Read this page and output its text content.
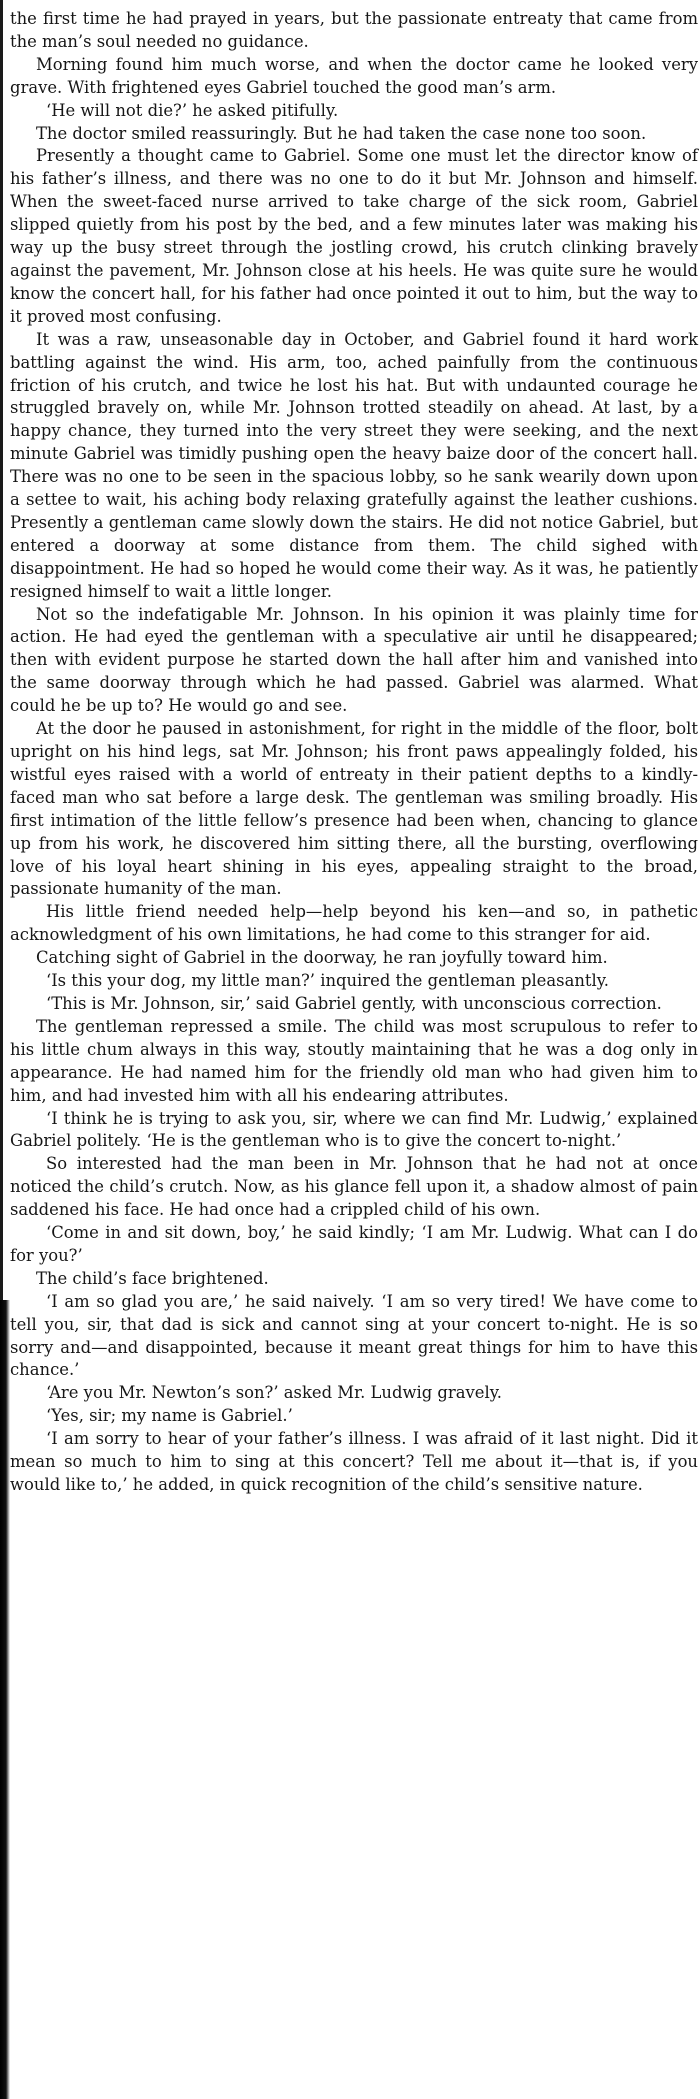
the first time he had prayed in years, but the passionate entreaty that came from the man’s soul needed no guidance.

Morning found him much worse, and when the doctor came he looked very grave. With frightened eyes Gabriel touched the good man’s arm.

‘He will not die?’ he asked pitifully.

The doctor smiled reassuringly. But he had taken the case none too soon.

Presently a thought came to Gabriel. Some one must let the director know of his father’s illness, and there was no one to do it but Mr. Johnson and himself. When the sweet-faced nurse arrived to take charge of the sick room, Gabriel slipped quietly from his post by the bed, and a few minutes later was making his way up the busy street through the jostling crowd, his crutch clinking bravely against the pavement, Mr. Johnson close at his heels. He was quite sure he would know the concert hall, for his father had once pointed it out to him, but the way to it proved most confusing.

It was a raw, unseasonable day in October, and Gabriel found it hard work battling against the wind. His arm, too, ached painfully from the continuous friction of his crutch, and twice he lost his hat. But with undaunted courage he struggled bravely on, while Mr. Johnson trotted steadily on ahead. At last, by a happy chance, they turned into the very street they were seeking, and the next minute Gabriel was timidly pushing open the heavy baize door of the concert hall. There was no one to be seen in the spacious lobby, so he sank wearily down upon a settee to wait, his aching body relaxing gratefully against the leather cushions. Presently a gentleman came slowly down the stairs. He did not notice Gabriel, but entered a doorway at some distance from them. The child sighed with disappointment. He had so hoped he would come their way. As it was, he patiently resigned himself to wait a little longer.

Not so the indefatigable Mr. Johnson. In his opinion it was plainly time for action. He had eyed the gentleman with a speculative air until he disappeared; then with evident purpose he started down the hall after him and vanished into the same doorway through which he had passed. Gabriel was alarmed. What could he be up to? He would go and see.

At the door he paused in astonishment, for right in the middle of the floor, bolt upright on his hind legs, sat Mr. Johnson; his front paws appealingly folded, his wistful eyes raised with a world of entreaty in their patient depths to a kindly-faced man who sat before a large desk. The gentleman was smiling broadly. His first intimation of the little fellow’s presence had been when, chancing to glance up from his work, he discovered him sitting there, all the bursting, overflowing love of his loyal heart shining in his eyes, appealing straight to the broad, passionate humanity of the man.

His little friend needed help—help beyond his ken—and so, in pathetic acknowledgment of his own limitations, he had come to this stranger for aid.

Catching sight of Gabriel in the doorway, he ran joyfully toward him.

‘Is this your dog, my little man?’ inquired the gentleman pleasantly.

‘This is Mr. Johnson, sir,’ said Gabriel gently, with unconscious correction.

The gentleman repressed a smile. The child was most scrupulous to refer to his little chum always in this way, stoutly maintaining that he was a dog only in appearance. He had named him for the friendly old man who had given him to him, and had invested him with all his endearing attributes.

‘I think he is trying to ask you, sir, where we can find Mr. Ludwig,’ explained Gabriel politely. ‘He is the gentleman who is to give the concert to-night.’

So interested had the man been in Mr. Johnson that he had not at once noticed the child’s crutch. Now, as his glance fell upon it, a shadow almost of pain saddened his face. He had once had a crippled child of his own.

‘Come in and sit down, boy,’ he said kindly; ‘I am Mr. Ludwig. What can I do for you?’

The child’s face brightened.

‘I am so glad you are,’ he said naively. ‘I am so very tired! We have come to tell you, sir, that dad is sick and cannot sing at your concert to-night. He is so sorry and—and disappointed, because it meant great things for him to have this chance.’

‘Are you Mr. Newton’s son?’ asked Mr. Ludwig gravely.

‘Yes, sir; my name is Gabriel.’

‘I am sorry to hear of your father’s illness. I was afraid of it last night. Did it mean so much to him to sing at this concert? Tell me about it—that is, if you would like to,’ he added, in quick recognition of the child’s sensitive nature.
